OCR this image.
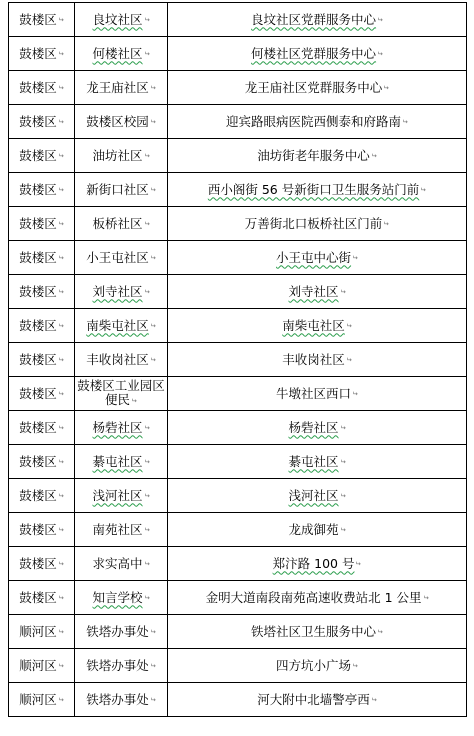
鼓楼区↵	良坟社区↵	良坟社区党群服务中心↵
鼓楼区↵	何楼社区↵	何楼社区党群服务中心↵
鼓楼区↵	龙王庙社区↵	龙王庙社区党群服务中心↵
鼓楼区↵	鼓楼区校园↵	迎宾路眼病医院西侧泰和府路南↵
鼓楼区↵	油坊社区↵	油坊街老年服务中心↵
鼓楼区↵	新街口社区↵	西小阁街 56 号新街口卫生服务站门前↵
鼓楼区↵	板桥社区↵	万善街北口板桥社区门前↵
鼓楼区↵	小王屯社区↵	小王屯中心街↵
鼓楼区↵	刘寺社区↵	刘寺社区↵
鼓楼区↵	南柴屯社区↵	南柴屯社区↵
鼓楼区↵	丰收岗社区↵	丰收岗社区↵
鼓楼区↵	鼓楼区工业园区便民↵	牛墩社区西口↵
鼓楼区↵	杨砦社区↵	杨砦社区↵
鼓楼区↵	綦屯社区↵	綦屯社区↵
鼓楼区↵	浅河社区↵	浅河社区↵
鼓楼区↵	南苑社区↵	龙成御苑↵
鼓楼区↵	求实高中↵	郑汴路 100 号↵
鼓楼区↵	知言学校↵	金明大道南段南苑高速收费站北 1 公里↵
顺河区↵	铁塔办事处↵	铁塔社区卫生服务中心↵
顺河区↵	铁塔办事处↵	四方坑小广场↵
顺河区↵	铁塔办事处↵	河大附中北墙警亭西↵
